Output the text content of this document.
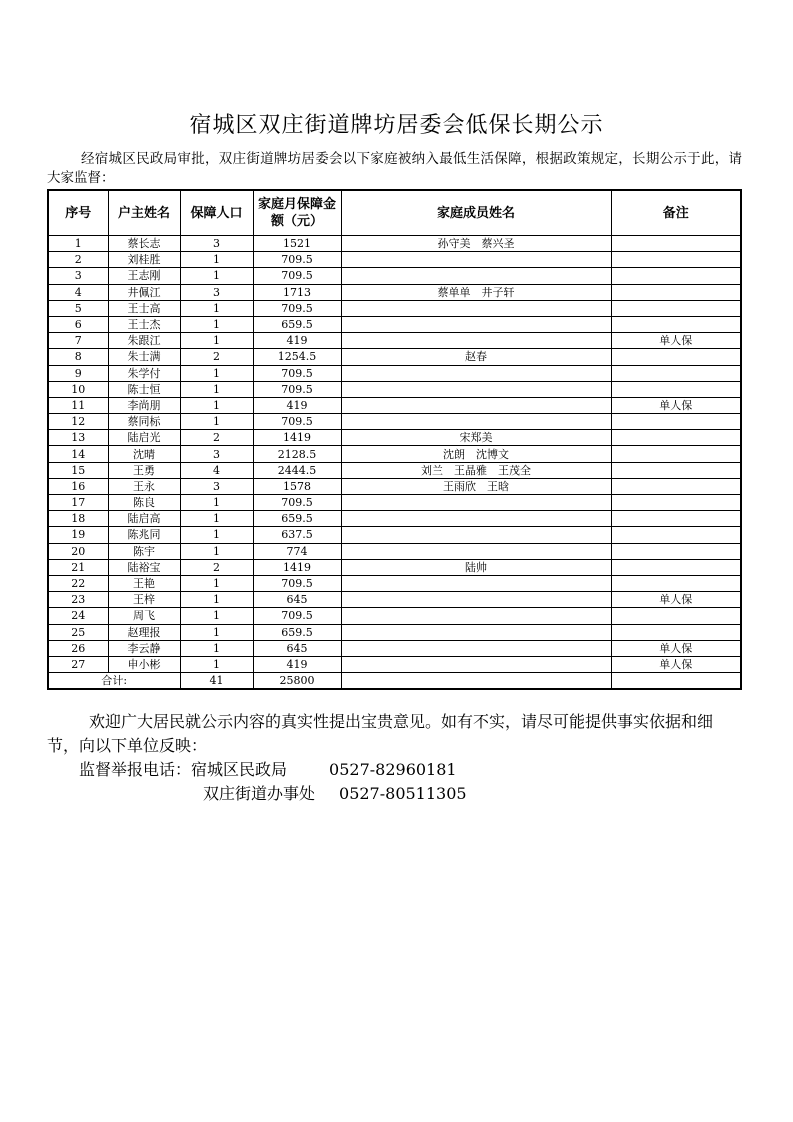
宿城区双庄街道牌坊居委会低保长期公示
经宿城区民政局审批，双庄街道牌坊居委会以下家庭被纳入最低生活保障，根据政策规定，长期公示于此，请大家监督：
序号	户主姓名	保障人口	家庭月保障金额（元）	家庭成员姓名	备注
1	蔡长志	3	1521	孙守美　蔡兴圣	
2	刘桂胜	1	709.5		
3	王志刚	1	709.5		
4	井佩江	3	1713	蔡单单　井子轩	
5	王士高	1	709.5		
6	王士杰	1	659.5		
7	朱跟江	1	419		单人保
8	朱士满	2	1254.5	赵春	
9	朱学付	1	709.5		
10	陈士恒	1	709.5		
11	李尚朋	1	419		单人保
12	蔡同标	1	709.5		
13	陆启光	2	1419	宋郑美	
14	沈晴	3	2128.5	沈朗　沈博文	
15	王勇	4	2444.5	刘兰　王晶雅　王茂全	
16	王永	3	1578	王雨欣　王晗	
17	陈良	1	709.5		
18	陆启高	1	659.5		
19	陈兆同	1	637.5		
20	陈宇	1	774		
21	陆裕宝	2	1419	陆帅	
22	王艳	1	709.5		
23	王梓	1	645		单人保
24	周飞	1	709.5		
25	赵理报	1	659.5		
26	李云静	1	645		单人保
27	申小彬	1	419		单人保
合计:		41	25800		

欢迎广大居民就公示内容的真实性提出宝贵意见。如有不实，请尽可能提供事实依据和细节，向以下单位反映：

监督举报电话：宿城区民政局	0527-82960181

双庄街道办事处 0527-80511305
